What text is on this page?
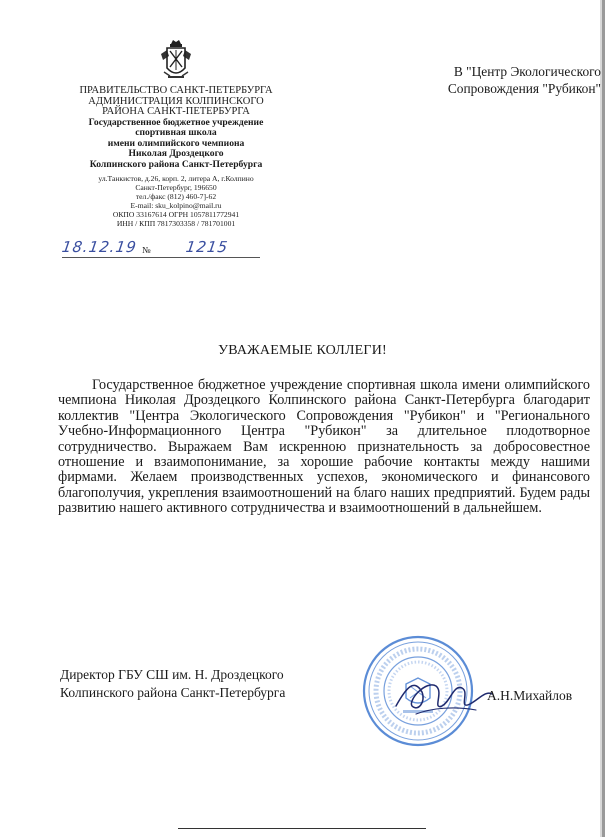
ПРАВИТЕЛЬСТВО САНКТ-ПЕТЕРБУРГА
АДМИНИСТРАЦИЯ КОЛПИНСКОГО
РАЙОНА САНКТ-ПЕТЕРБУРГА
Государственное бюджетное учреждение
спортивная школа
имени олимпийского чемпиона
Николая Дроздецкого
Колпинского района Санкт-Петербурга
ул.Танкистов, д.26, корп. 2, литера А, г.Колпино
Санкт-Петербург, 196650
тел./факс (812) 460-7]-62
E-mail: sku_kolpino@mail.ru
ОКПО 33167614 ОГРН 1057811772941
ИНН / КПП 7817303358 / 781701001
18.12.19 № 1215
В "Центр Экологического
Сопровождения "Рубикон"
УВАЖАЕМЫЕ КОЛЛЕГИ!
Государственное бюджетное учреждение спортивная школа имени олимпийского чемпиона Николая Дроздецкого Колпинского района Санкт-Петербурга благодарит коллектив "Центра Экологического Сопровождения "Рубикон" и "Регионального Учебно-Информационного Центра "Рубикон" за длительное плодотворное сотрудничество. Выражаем Вам искренною признательность за добросовестное отношение и взаимопонимание, за хорошие рабочие контакты между нашими фирмами. Желаем производственных успехов, экономического и финансового благополучия, укрепления взаимоотношений на благо наших предприятий. Будем рады развитию нашего активного сотрудничества и взаимоотношений в дальнейшем.
Директор ГБУ СШ им. Н. Дроздецкого
Колпинского района Санкт-Петербурга	А.Н.Михайлов
